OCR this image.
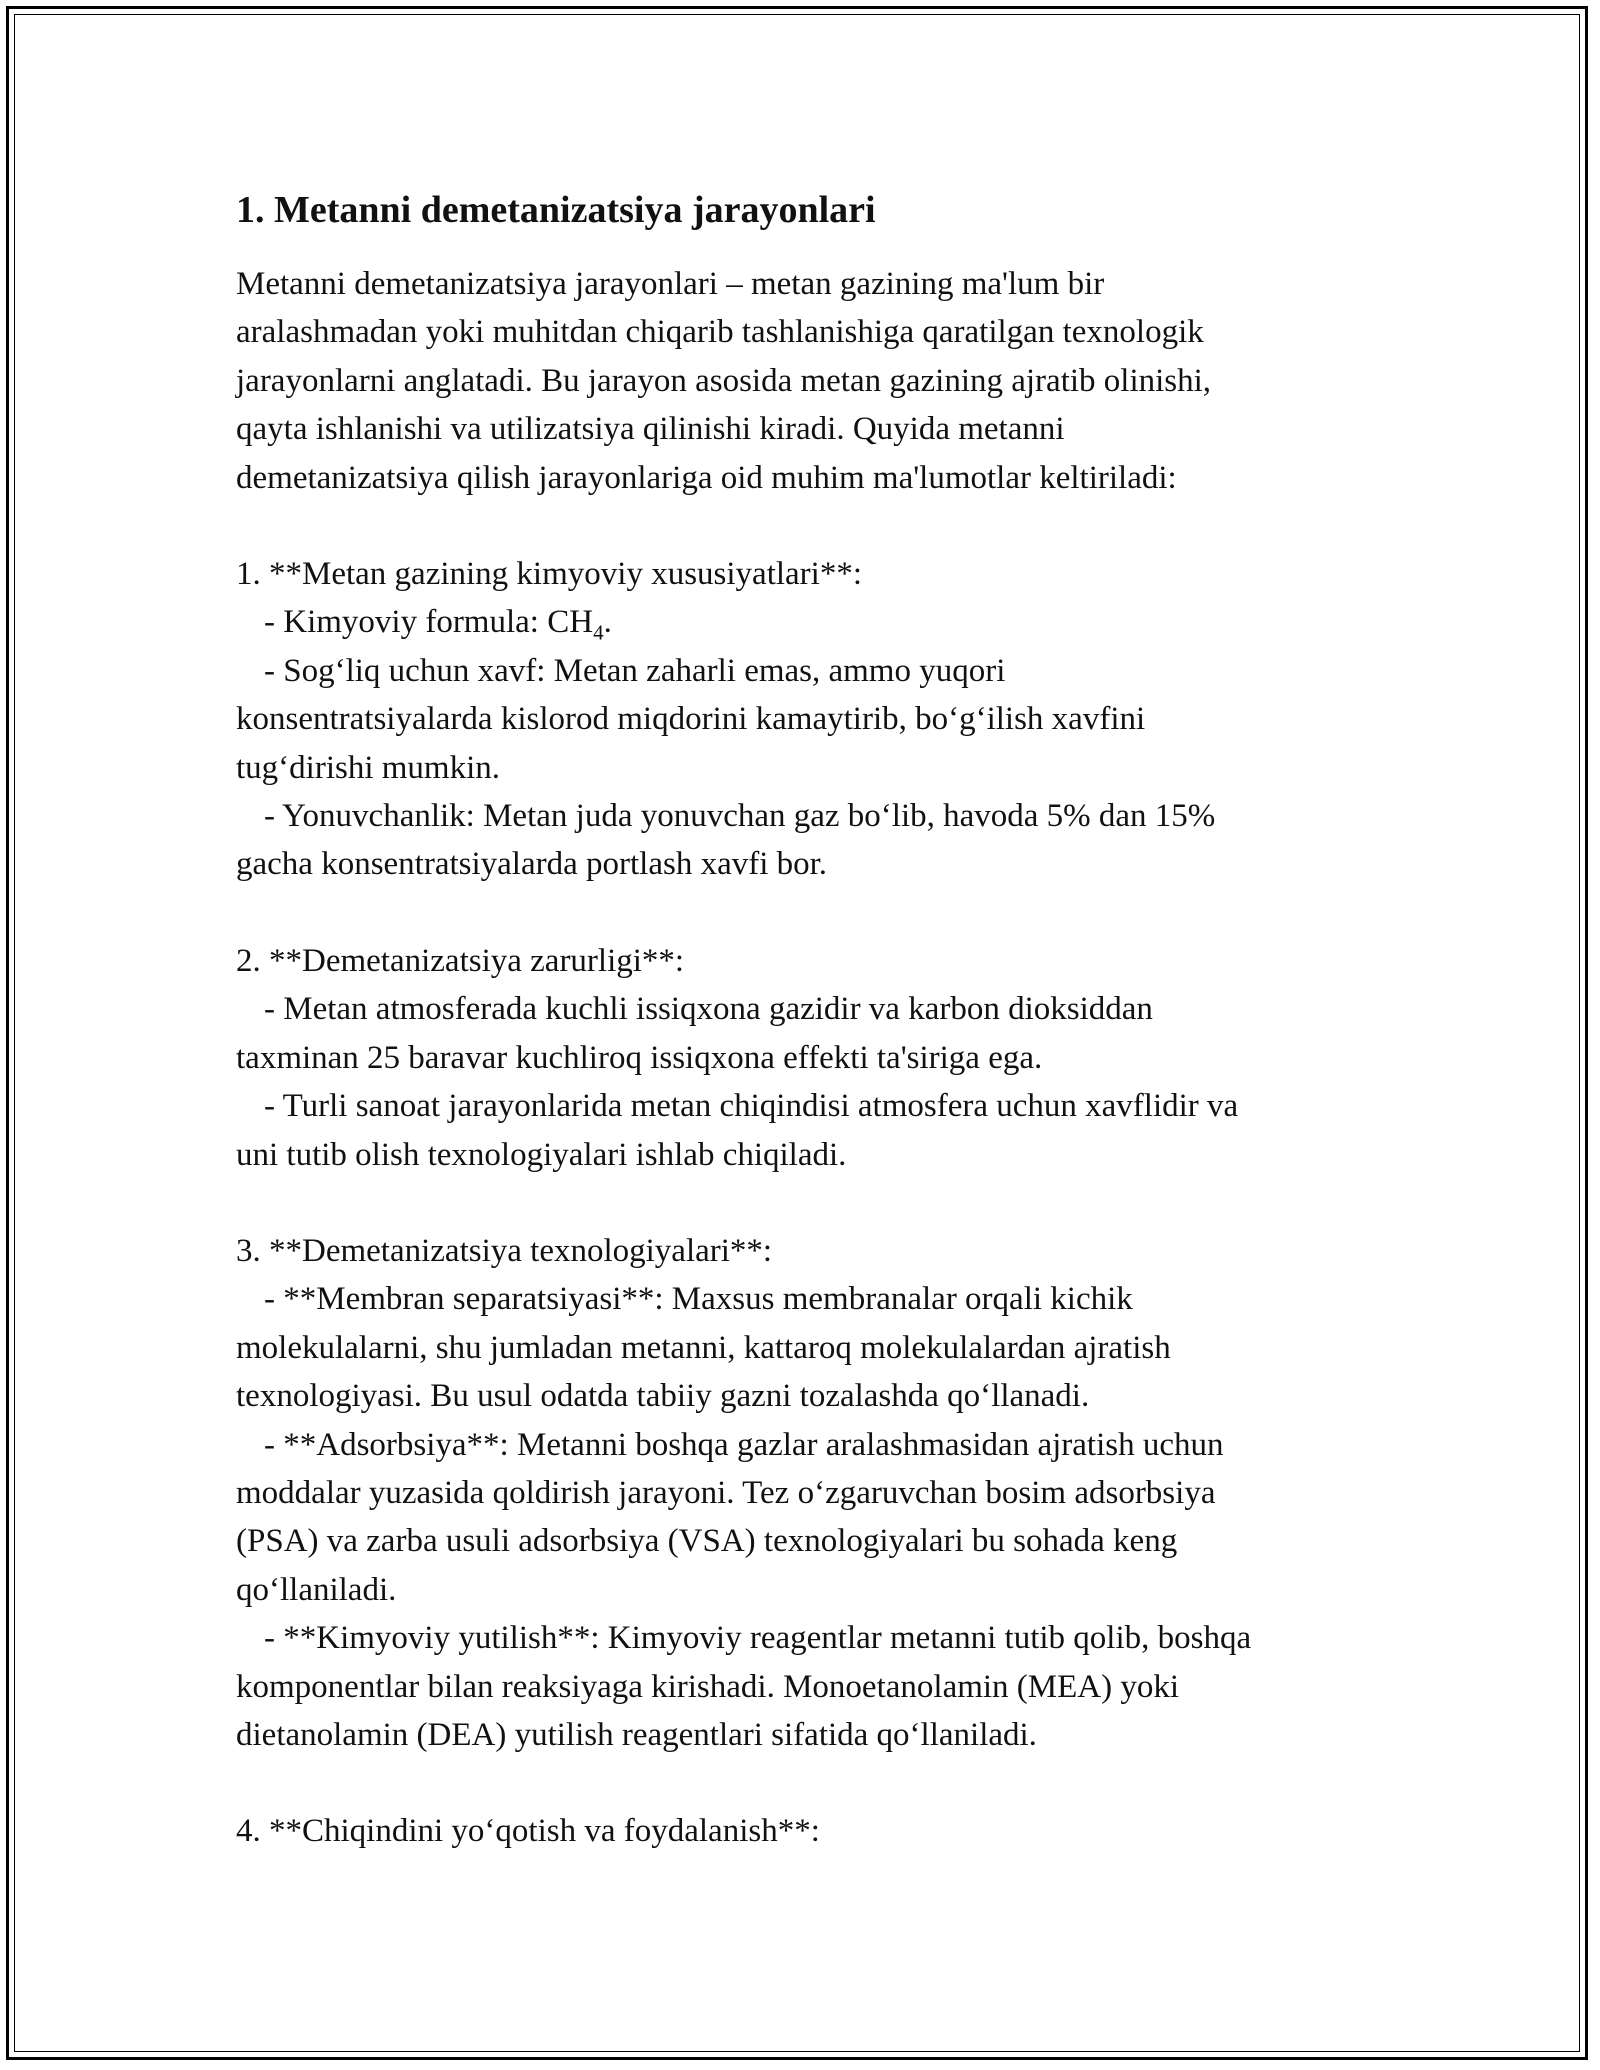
1. Metanni demetanizatsiya jarayonlari

Metanni demetanizatsiya jarayonlari – metan gazining ma'lum bir
aralashmadan yoki muhitdan chiqarib tashlanishiga qaratilgan texnologik
jarayonlarni anglatadi. Bu jarayon asosida metan gazining ajratib olinishi,
qayta ishlanishi va utilizatsiya qilinishi kiradi. Quyida metanni
demetanizatsiya qilish jarayonlariga oid muhim ma'lumotlar keltiriladi:

1. **Metan gazining kimyoviy xususiyatlari**:
- Kimyoviy formula: $CH_4$.
- Sog‘liq uchun xavf: Metan zaharli emas, ammo yuqori
konsentratsiyalarda kislorod miqdorini kamaytirib, bo‘g‘ilish xavfini
tug‘dirishi mumkin.
- Yonuvchanlik: Metan juda yonuvchan gaz bo‘lib, havoda 5% dan 15%
gacha konsentratsiyalarda portlash xavfi bor.

2. **Demetanizatsiya zarurligi**:
- Metan atmosferada kuchli issiqxona gazidir va karbon dioksiddan
taxminan 25 baravar kuchliroq issiqxona effekti ta'siriga ega.
- Turli sanoat jarayonlarida metan chiqindisi atmosfera uchun xavflidir va
uni tutib olish texnologiyalari ishlab chiqiladi.

3. **Demetanizatsiya texnologiyalari**:
- **Membran separatsiyasi**: Maxsus membranalar orqali kichik
molekulalarni, shu jumladan metanni, kattaroq molekulalardan ajratish
texnologiyasi. Bu usul odatda tabiiy gazni tozalashda qo‘llanadi.
- **Adsorbsiya**: Metanni boshqa gazlar aralashmasidan ajratish uchun
moddalar yuzasida qoldirish jarayoni. Tez o‘zgaruvchan bosim adsorbsiya
(PSA) va zarba usuli adsorbsiya (VSA) texnologiyalari bu sohada keng
qo‘llaniladi.
- **Kimyoviy yutilish**: Kimyoviy reagentlar metanni tutib qolib, boshqa
komponentlar bilan reaksiyaga kirishadi. Monoetanolamin (MEA) yoki
dietanolamin (DEA) yutilish reagentlari sifatida qo‘llaniladi.

4. **Chiqindini yo‘qotish va foydalanish**:
